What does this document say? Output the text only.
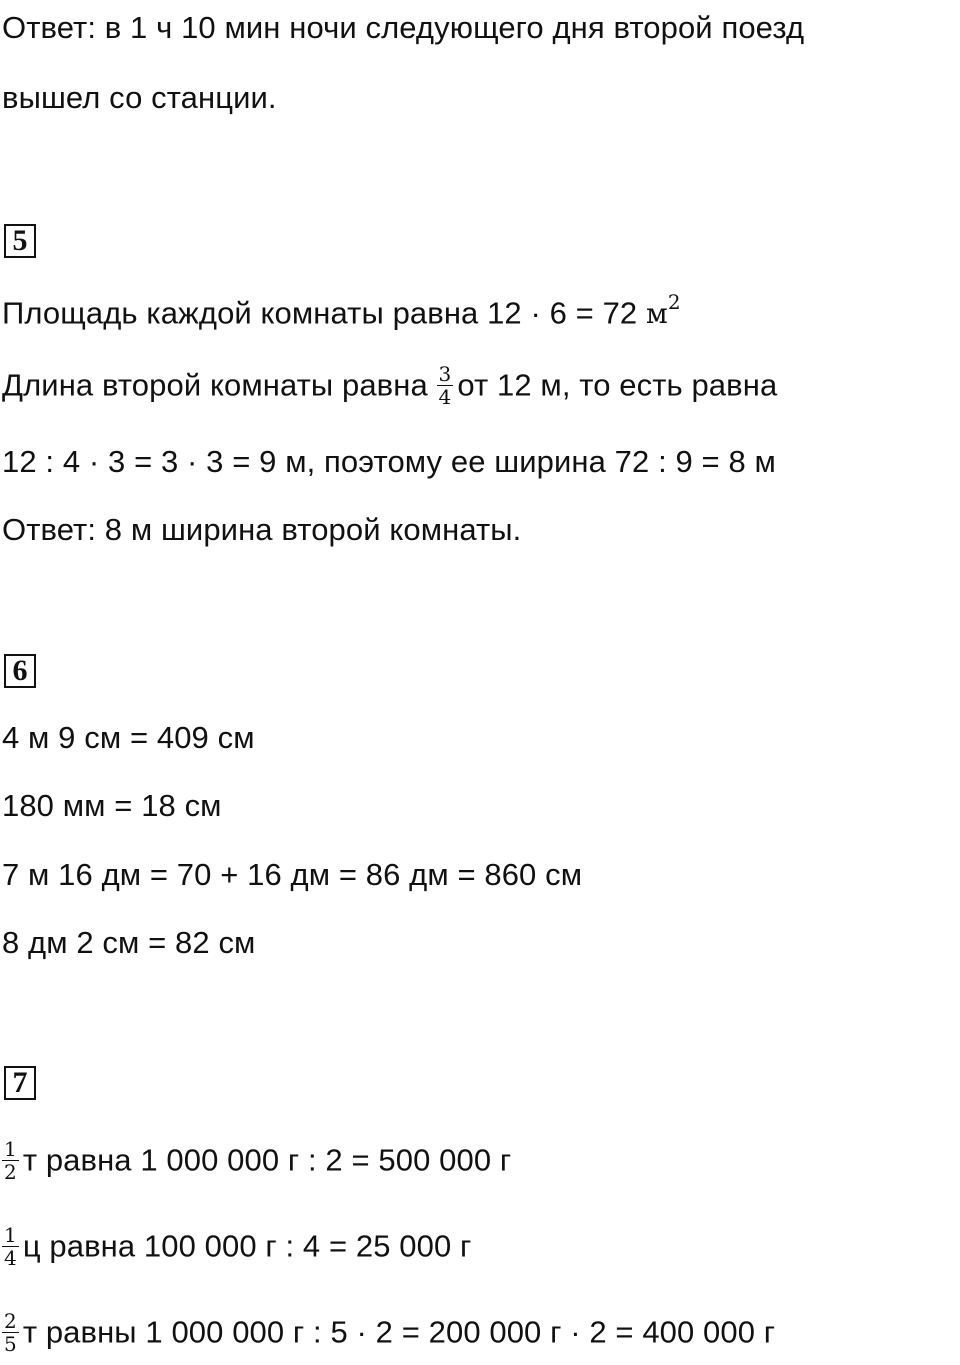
Ответ: в 1 ч 10 мин ночи следующего дня второй поезд
вышел со станции.
5
Площадь каждой комнаты равна 12 · 6 = 72 $м^2$
Длина второй комнаты равна $\frac{3}{4}$ от 12 м, то есть равна
12 : 4 · 3 = 3 · 3 = 9 м, поэтому ее ширина 72 : 9 = 8 м
Ответ: 8 м ширина второй комнаты.
6
4 м 9 см = 409 см
180 мм = 18 см
7 м 16 дм = 70 + 16 дм = 86 дм = 860 см
8 дм 2 см = 82 см
7
$\frac{1}{2}$ т равна 1 000 000 г : 2 = 500 000 г
$\frac{1}{4}$ ц равна 100 000 г : 4 = 25 000 г
$\frac{2}{5}$ т равны 1 000 000 г : 5 · 2 = 200 000 г · 2 = 400 000 г
